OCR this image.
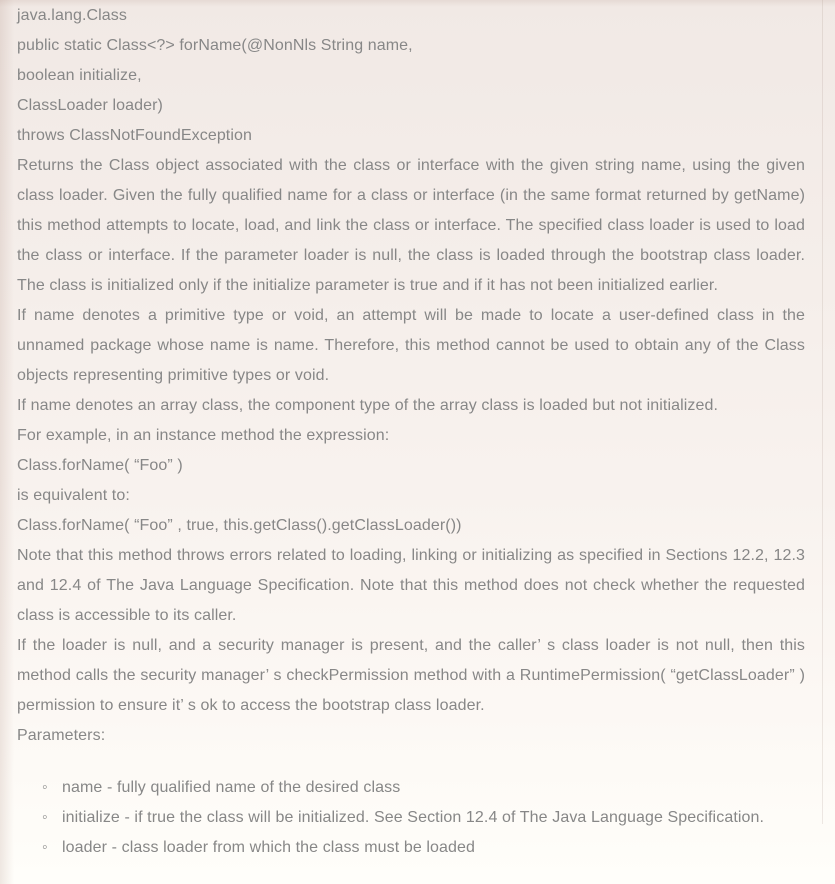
java.lang.Class

public static Class<?> forName(@NonNls String name,

boolean initialize,

ClassLoader loader)

throws ClassNotFoundException

Returns the Class object associated with the class or interface with the given string name, using the given class loader. Given the fully qualified name for a class or interface (in the same format returned by getName) this method attempts to locate, load, and link the class or interface. The specified class loader is used to load the class or interface. If the parameter loader is null, the class is loaded through the bootstrap class loader. The class is initialized only if the initialize parameter is true and if it has not been initialized earlier.

If name denotes a primitive type or void, an attempt will be made to locate a user-defined class in the unnamed package whose name is name. Therefore, this method cannot be used to obtain any of the Class objects representing primitive types or void.

If name denotes an array class, the component type of the array class is loaded but not initialized.

For example, in an instance method the expression:

Class.forName( “Foo” )

is equivalent to:

Class.forName( “Foo” , true, this.getClass().getClassLoader())

Note that this method throws errors related to loading, linking or initializing as specified in Sections 12.2, 12.3 and 12.4 of The Java Language Specification. Note that this method does not check whether the requested class is accessible to its caller.

If the loader is null, and a security manager is present, and the caller’ s class loader is not null, then this method calls the security manager’ s checkPermission method with a RuntimePermission( “getClassLoader” ) permission to ensure it’ s ok to access the bootstrap class loader.

Parameters:

◦ name - fully qualified name of the desired class
◦ initialize - if true the class will be initialized. See Section 12.4 of The Java Language Specification.
◦ loader - class loader from which the class must be loaded
